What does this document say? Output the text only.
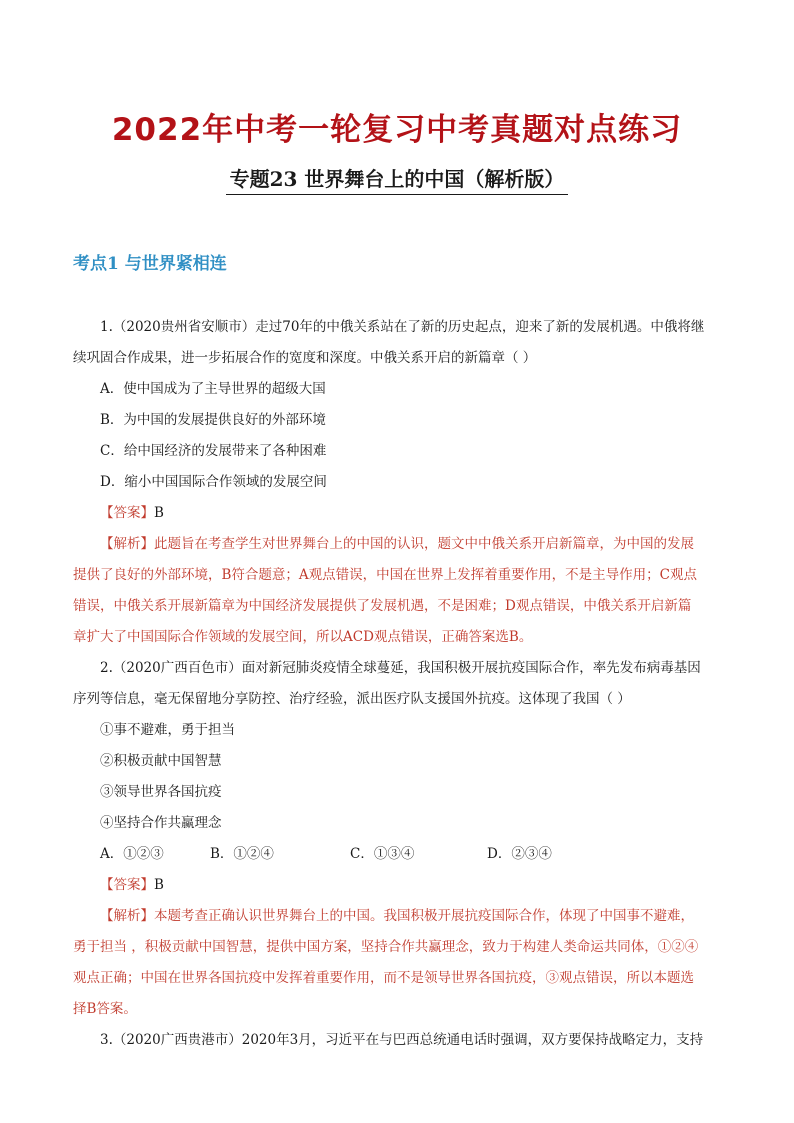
2022年中考一轮复习中考真题对点练习
专题23 世界舞台上的中国（解析版）
考点1 与世界紧相连
1.（2020贵州省安顺市）走过70年的中俄关系站在了新的历史起点，迎来了新的发展机遇。中俄将继
续巩固合作成果，进一步拓展合作的宽度和深度。中俄关系开启的新篇章（ ）
A．使中国成为了主导世界的超级大国
B．为中国的发展提供良好的外部环境
C．给中国经济的发展带来了各种困难
D．缩小中国国际合作领域的发展空间
【答案】B
【解析】此题旨在考查学生对世界舞台上的中国的认识，题文中中俄关系开启新篇章，为中国的发展
提供了良好的外部环境，B符合题意；A观点错误，中国在世界上发挥着重要作用，不是主导作用；C观点
错误，中俄关系开展新篇章为中国经济发展提供了发展机遇，不是困难；D观点错误，中俄关系开启新篇
章扩大了中国国际合作领域的发展空间，所以ACD观点错误，正确答案选B。
2.（2020广西百色市）面对新冠肺炎疫情全球蔓延，我国积极开展抗疫国际合作，率先发布病毒基因
序列等信息，毫无保留地分享防控、治疗经验，派出医疗队支援国外抗疫。这体现了我国（ ）
①事不避难，勇于担当
②积极贡献中国智慧
③领导世界各国抗疫
④坚持合作共赢理念
A．①②③	B．①②④	C．①③④	D．②③④
【答案】B
【解析】本题考查正确认识世界舞台上的中国。我国积极开展抗疫国际合作，体现了中国事不避难，
勇于担当 ，积极贡献中国智慧，提供中国方案，坚持合作共赢理念，致力于构建人类命运共同体，①②④
观点正确；中国在世界各国抗疫中发挥着重要作用，而不是领导世界各国抗疫，③观点错误，所以本题选
择B答案。
3.（2020广西贵港市）2020年3月，习近平在与巴西总统通电话时强调，双方要保持战略定力，支持
